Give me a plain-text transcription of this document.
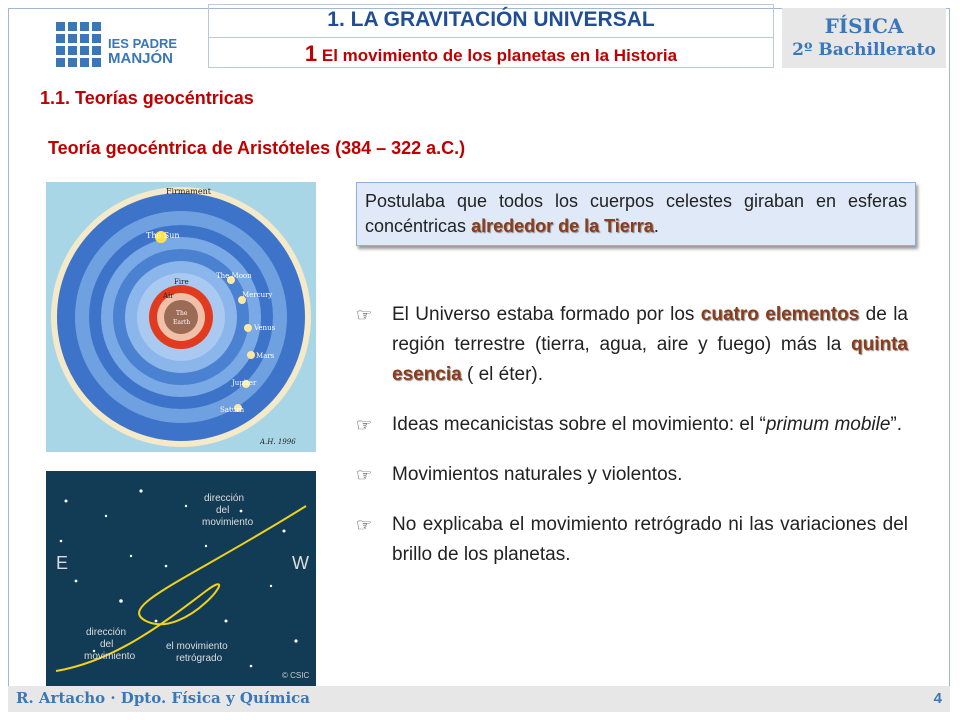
IES PADRE
MANJÓN
1. LA GRAVITACIÓN UNIVERSAL
1 El movimiento de los planetas en la Historia
FÍSICA
2º Bachillerato
1.1. Teorías geocéntricas
Teoría geocéntrica de Aristóteles (384 – 322 a.C.)
Firmament
The Sun
The Moon
Mercury
Venus
Mars
Jupiter
Saturn
Fire
Air
The
Earth
A.H. 1996
dirección
del
movimiento
E	W
dirección
del
movimiento
el movimiento
retrógrado
© CSIC
Postulaba que todos los cuerpos celestes giraban en esferas concéntricas alrededor de la Tierra.
☞	El Universo estaba formado por los cuatro elementos de la región terrestre (tierra, agua, aire y fuego) más la quinta esencia ( el éter).
☞	Ideas mecanicistas sobre el movimiento: el “primum mobile”.
☞	Movimientos naturales y violentos.
☞	No explicaba el movimiento retrógrado ni las variaciones del brillo de los planetas.
R. Artacho · Dpto. Física y Química	4
